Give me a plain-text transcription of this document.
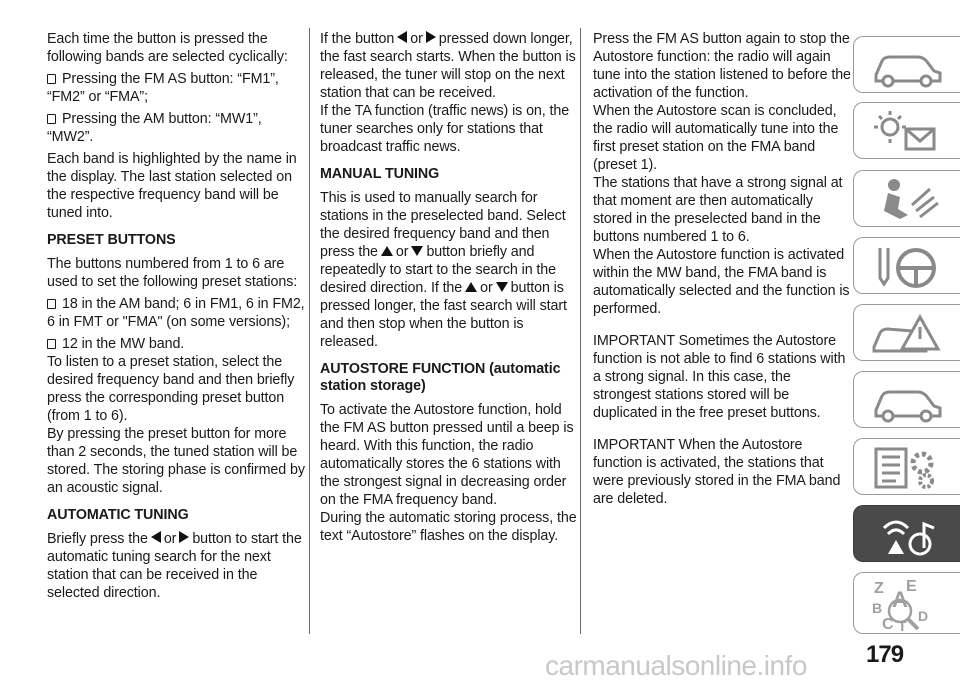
Each time the button is pressed the following bands are selected cyclically:

Pressing the FM AS button: “FM1”, “FM2” or “FMA”;

Pressing the AM button: “MW1”, “MW2”.

Each band is highlighted by the name in the display. The last station selected on the respective frequency band will be tuned into.

PRESET BUTTONS

The buttons numbered from 1 to 6 are used to set the following preset stations:

18 in the AM band; 6 in FM1, 6 in FM2, 6 in FMT or "FMA" (on some versions);

12 in the MW band.

To listen to a preset station, select the desired frequency band and then briefly press the corresponding preset button (from 1 to 6).

By pressing the preset button for more than 2 seconds, the tuned station will be stored. The storing phase is confirmed by an acoustic signal.

AUTOMATIC TUNING

Briefly press the or button to start the automatic tuning search for the next station that can be received in the selected direction.

If the button or pressed down longer, the fast search starts. When the button is released, the tuner will stop on the next station that can be received.

If the TA function (traffic news) is on, the tuner searches only for stations that broadcast traffic news.

MANUAL TUNING

This is used to manually search for stations in the preselected band. Select the desired frequency band and then press the or button briefly and repeatedly to start to the search in the desired direction. If the or button is pressed longer, the fast search will start and then stop when the button is released.

AUTOSTORE FUNCTION (automatic station storage)

To activate the Autostore function, hold the FM AS button pressed until a beep is heard. With this function, the radio automatically stores the 6 stations with the strongest signal in decreasing order on the FMA frequency band.

During the automatic storing process, the text “Autostore” flashes on the display.

Press the FM AS button again to stop the Autostore function: the radio will again tune into the station listened to before the activation of the function.

When the Autostore scan is concluded, the radio will automatically tune into the first preset station on the FMA band (preset 1).

The stations that have a strong signal at that moment are then automatically stored in the preselected band in the buttons numbered 1 to 6.

When the Autostore function is activated within the MW band, the FMA band is automatically selected and the function is performed.

IMPORTANT Sometimes the Autostore function is not able to find 6 stations with a strong signal. In this case, the strongest stations stored will be duplicated in the free preset buttons.

IMPORTANT When the Autostore function is activated, the stations that were previously stored in the FMA band are deleted.

Z E
A
B
C T
D
179
carmanualsonline.info
